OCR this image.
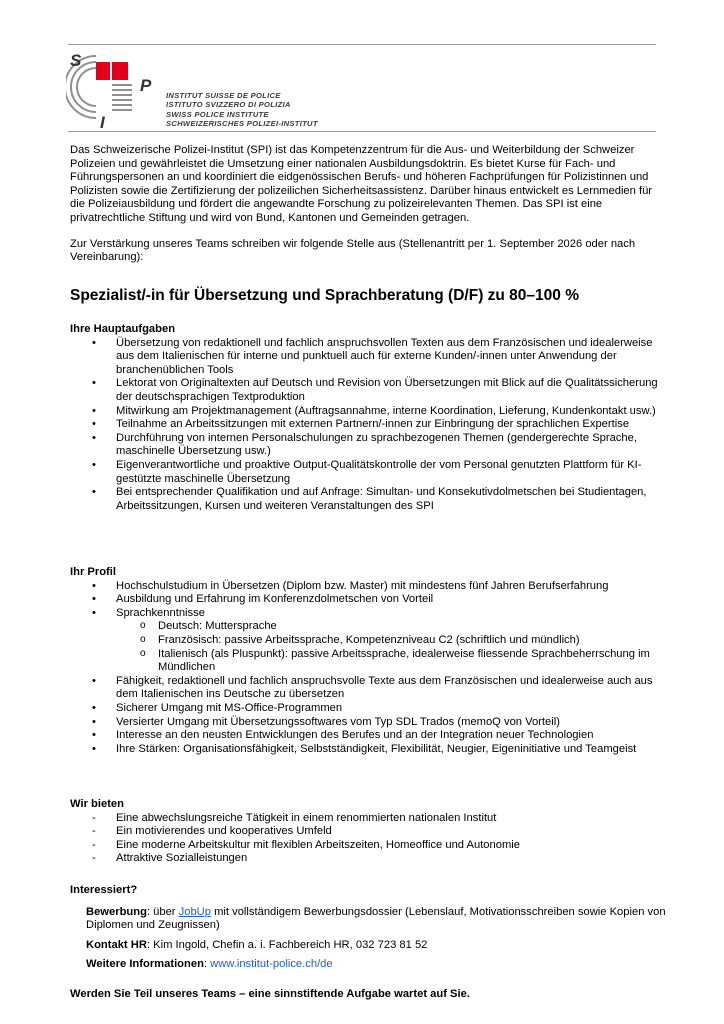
S
P
I
INSTITUT SUISSE DE POLICE
ISTITUTO SVIZZERO DI POLIZIA
SWISS POLICE INSTITUTE
SCHWEIZERISCHES POLIZEI-INSTITUT

Das Schweizerische Polizei-Institut (SPI) ist das Kompetenzzentrum für die Aus- und Weiterbildung der Schweizer Polizeien und gewährleistet die Umsetzung einer nationalen Ausbildungsdoktrin. Es bietet Kurse für Fach- und Führungspersonen an und koordiniert die eidgenössischen Berufs- und höheren Fachprüfungen für Polizistinnen und Polizisten sowie die Zertifizierung der polizeilichen Sicherheitsassistenz. Darüber hinaus entwickelt es Lernmedien für die Polizeiausbildung und fördert die angewandte Forschung zu polizeirelevanten Themen. Das SPI ist eine privatrechtliche Stiftung und wird von Bund, Kantonen und Gemeinden getragen.

Zur Verstärkung unseres Teams schreiben wir folgende Stelle aus (Stellenantritt per 1. September 2026 oder nach Vereinbarung):

Spezialist/-in für Übersetzung und Sprachberatung (D/F) zu 80–100 %
Ihre Hauptaufgaben
• Übersetzung von redaktionell und fachlich anspruchsvollen Texten aus dem Französischen und idealerweise aus dem Italienischen für interne und punktuell auch für externe Kunden/-innen unter Anwendung der branchenüblichen Tools
• Lektorat von Originaltexten auf Deutsch und Revision von Übersetzungen mit Blick auf die Qualitätssicherung der deutschsprachigen Textproduktion
• Mitwirkung am Projektmanagement (Auftragsannahme, interne Koordination, Lieferung, Kundenkontakt usw.)
• Teilnahme an Arbeitssitzungen mit externen Partnern/-innen zur Einbringung der sprachlichen Expertise
• Durchführung von internen Personalschulungen zu sprachbezogenen Themen (gendergerechte Sprache, maschinelle Übersetzung usw.)
• Eigenverantwortliche und proaktive Output-Qualitätskontrolle der vom Personal genutzten Plattform für KI-gestützte maschinelle Übersetzung
• Bei entsprechender Qualifikation und auf Anfrage: Simultan- und Konsekutivdolmetschen bei Studientagen, Arbeitssitzungen, Kursen und weiteren Veranstaltungen des SPI
Ihr Profil
• Hochschulstudium in Übersetzen (Diplom bzw. Master) mit mindestens fünf Jahren Berufserfahrung
• Ausbildung und Erfahrung im Konferenzdolmetschen von Vorteil
• Sprachkenntnisse
o Deutsch: Muttersprache
o Französisch: passive Arbeitssprache, Kompetenzniveau C2 (schriftlich und mündlich)
o Italienisch (als Pluspunkt): passive Arbeitssprache, idealerweise fliessende Sprachbeherrschung im Mündlichen
• Fähigkeit, redaktionell und fachlich anspruchsvolle Texte aus dem Französischen und idealerweise auch aus dem Italienischen ins Deutsche zu übersetzen
• Sicherer Umgang mit MS-Office-Programmen
• Versierter Umgang mit Übersetzungssoftwares vom Typ SDL Trados (memoQ von Vorteil)
• Interesse an den neusten Entwicklungen des Berufes und an der Integration neuer Technologien
• Ihre Stärken: Organisationsfähigkeit, Selbstständigkeit, Flexibilität, Neugier, Eigeninitiative und Teamgeist
Wir bieten
- Eine abwechslungsreiche Tätigkeit in einem renommierten nationalen Institut
- Ein motivierendes und kooperatives Umfeld
- Eine moderne Arbeitskultur mit flexiblen Arbeitszeiten, Homeoffice und Autonomie
- Attraktive Sozialleistungen
Interessiert?
Bewerbung: über JobUp mit vollständigem Bewerbungsdossier (Lebenslauf, Motivationsschreiben sowie Kopien von Diplomen und Zeugnissen)
Kontakt HR: Kim Ingold, Chefin a. i. Fachbereich HR, 032 723 81 52
Weitere Informationen: www.institut-police.ch/de
Werden Sie Teil unseres Teams – eine sinnstiftende Aufgabe wartet auf Sie.
